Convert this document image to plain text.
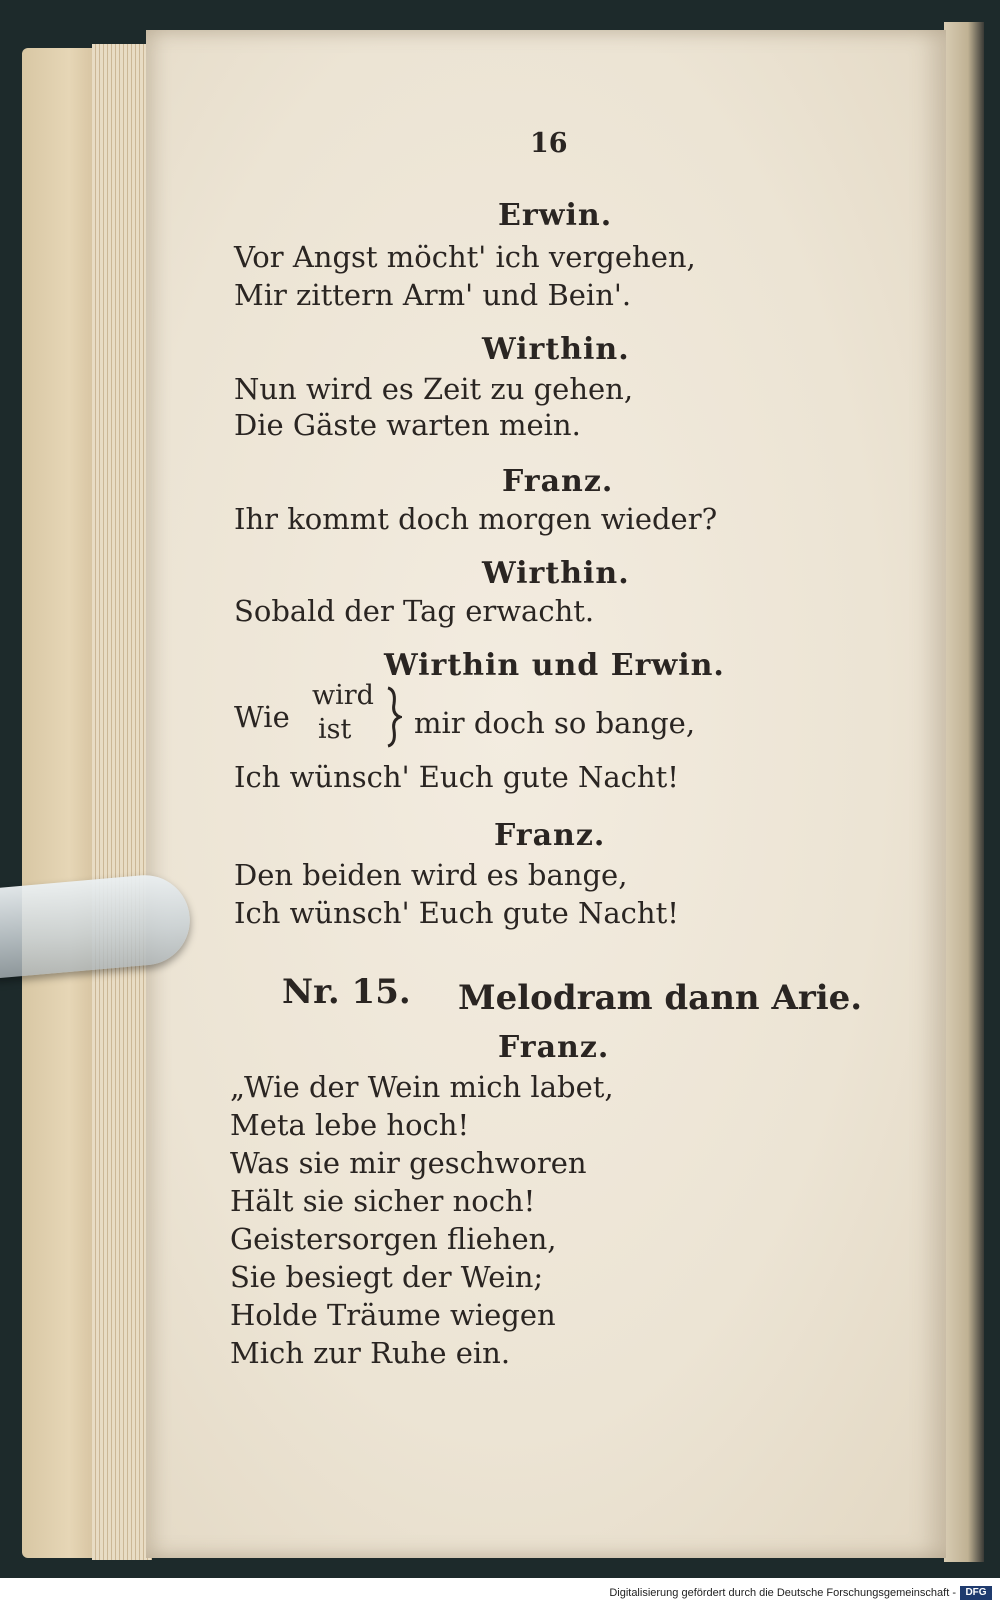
16
Erwin.
Vor Angst möcht' ich vergehen,
Mir zittern Arm' und Bein'.
Wirthin.
Nun wird es Zeit zu gehen,
Die Gäste warten mein.
Franz.
Ihr kommt doch morgen wieder?
Wirthin.
Sobald der Tag erwacht.
Wirthin und Erwin.
Wie
wird
ist mir doch so bange,
Ich wünsch' Euch gute Nacht!
Franz.
Den beiden wird es bange,
Ich wünsch' Euch gute Nacht!
Nr. 15. Melodram dann Arie.
Franz.
„Wie der Wein mich labet,
Meta lebe hoch!
Was sie mir geschworen
Hält sie sicher noch!
Geistersorgen fliehen,
Sie besiegt der Wein;
Holde Träume wiegen
Mich zur Ruhe ein.
Digitalisierung gefördert durch die Deutsche Forschungsgemeinschaft - DFG
